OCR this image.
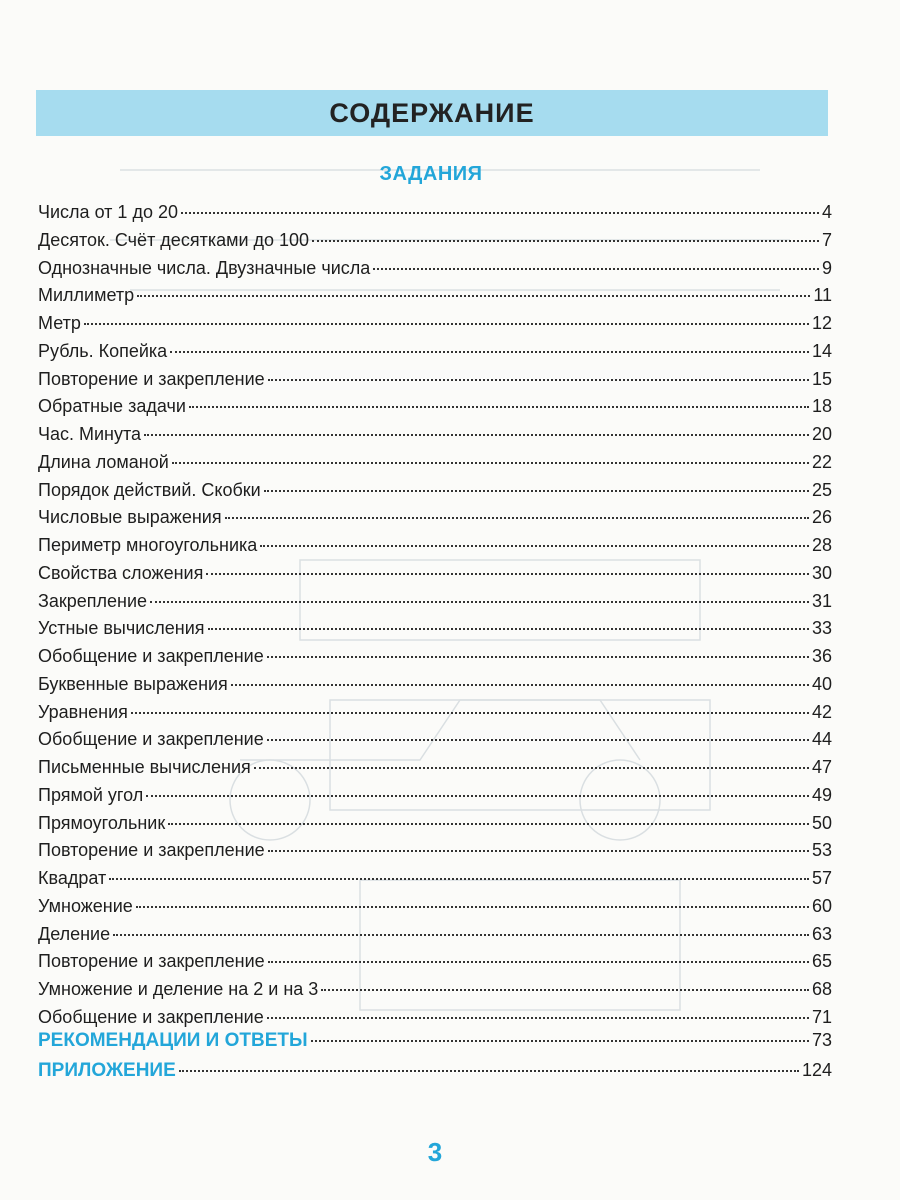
СОДЕРЖАНИЕ
ЗАДАНИЯ
Числа от 1 до 20	4
Десяток. Счёт десятками до 100	7
Однозначные числа. Двузначные числа	9
Миллиметр	11
Метр	12
Рубль. Копейка	14
Повторение и закрепление	15
Обратные задачи	18
Час. Минута	20
Длина ломаной	22
Порядок действий. Скобки	25
Числовые выражения	26
Периметр многоугольника	28
Свойства сложения	30
Закрепление	31
Устные вычисления	33
Обобщение и закрепление	36
Буквенные выражения	40
Уравнения	42
Обобщение и закрепление	44
Письменные вычисления	47
Прямой угол	49
Прямоугольник	50
Повторение и закрепление	53
Квадрат	57
Умножение	60
Деление	63
Повторение и закрепление	65
Умножение и деление на 2 и на 3	68
Обобщение и закрепление	71
РЕКОМЕНДАЦИИ И ОТВЕТЫ	73
ПРИЛОЖЕНИЕ	124
3
